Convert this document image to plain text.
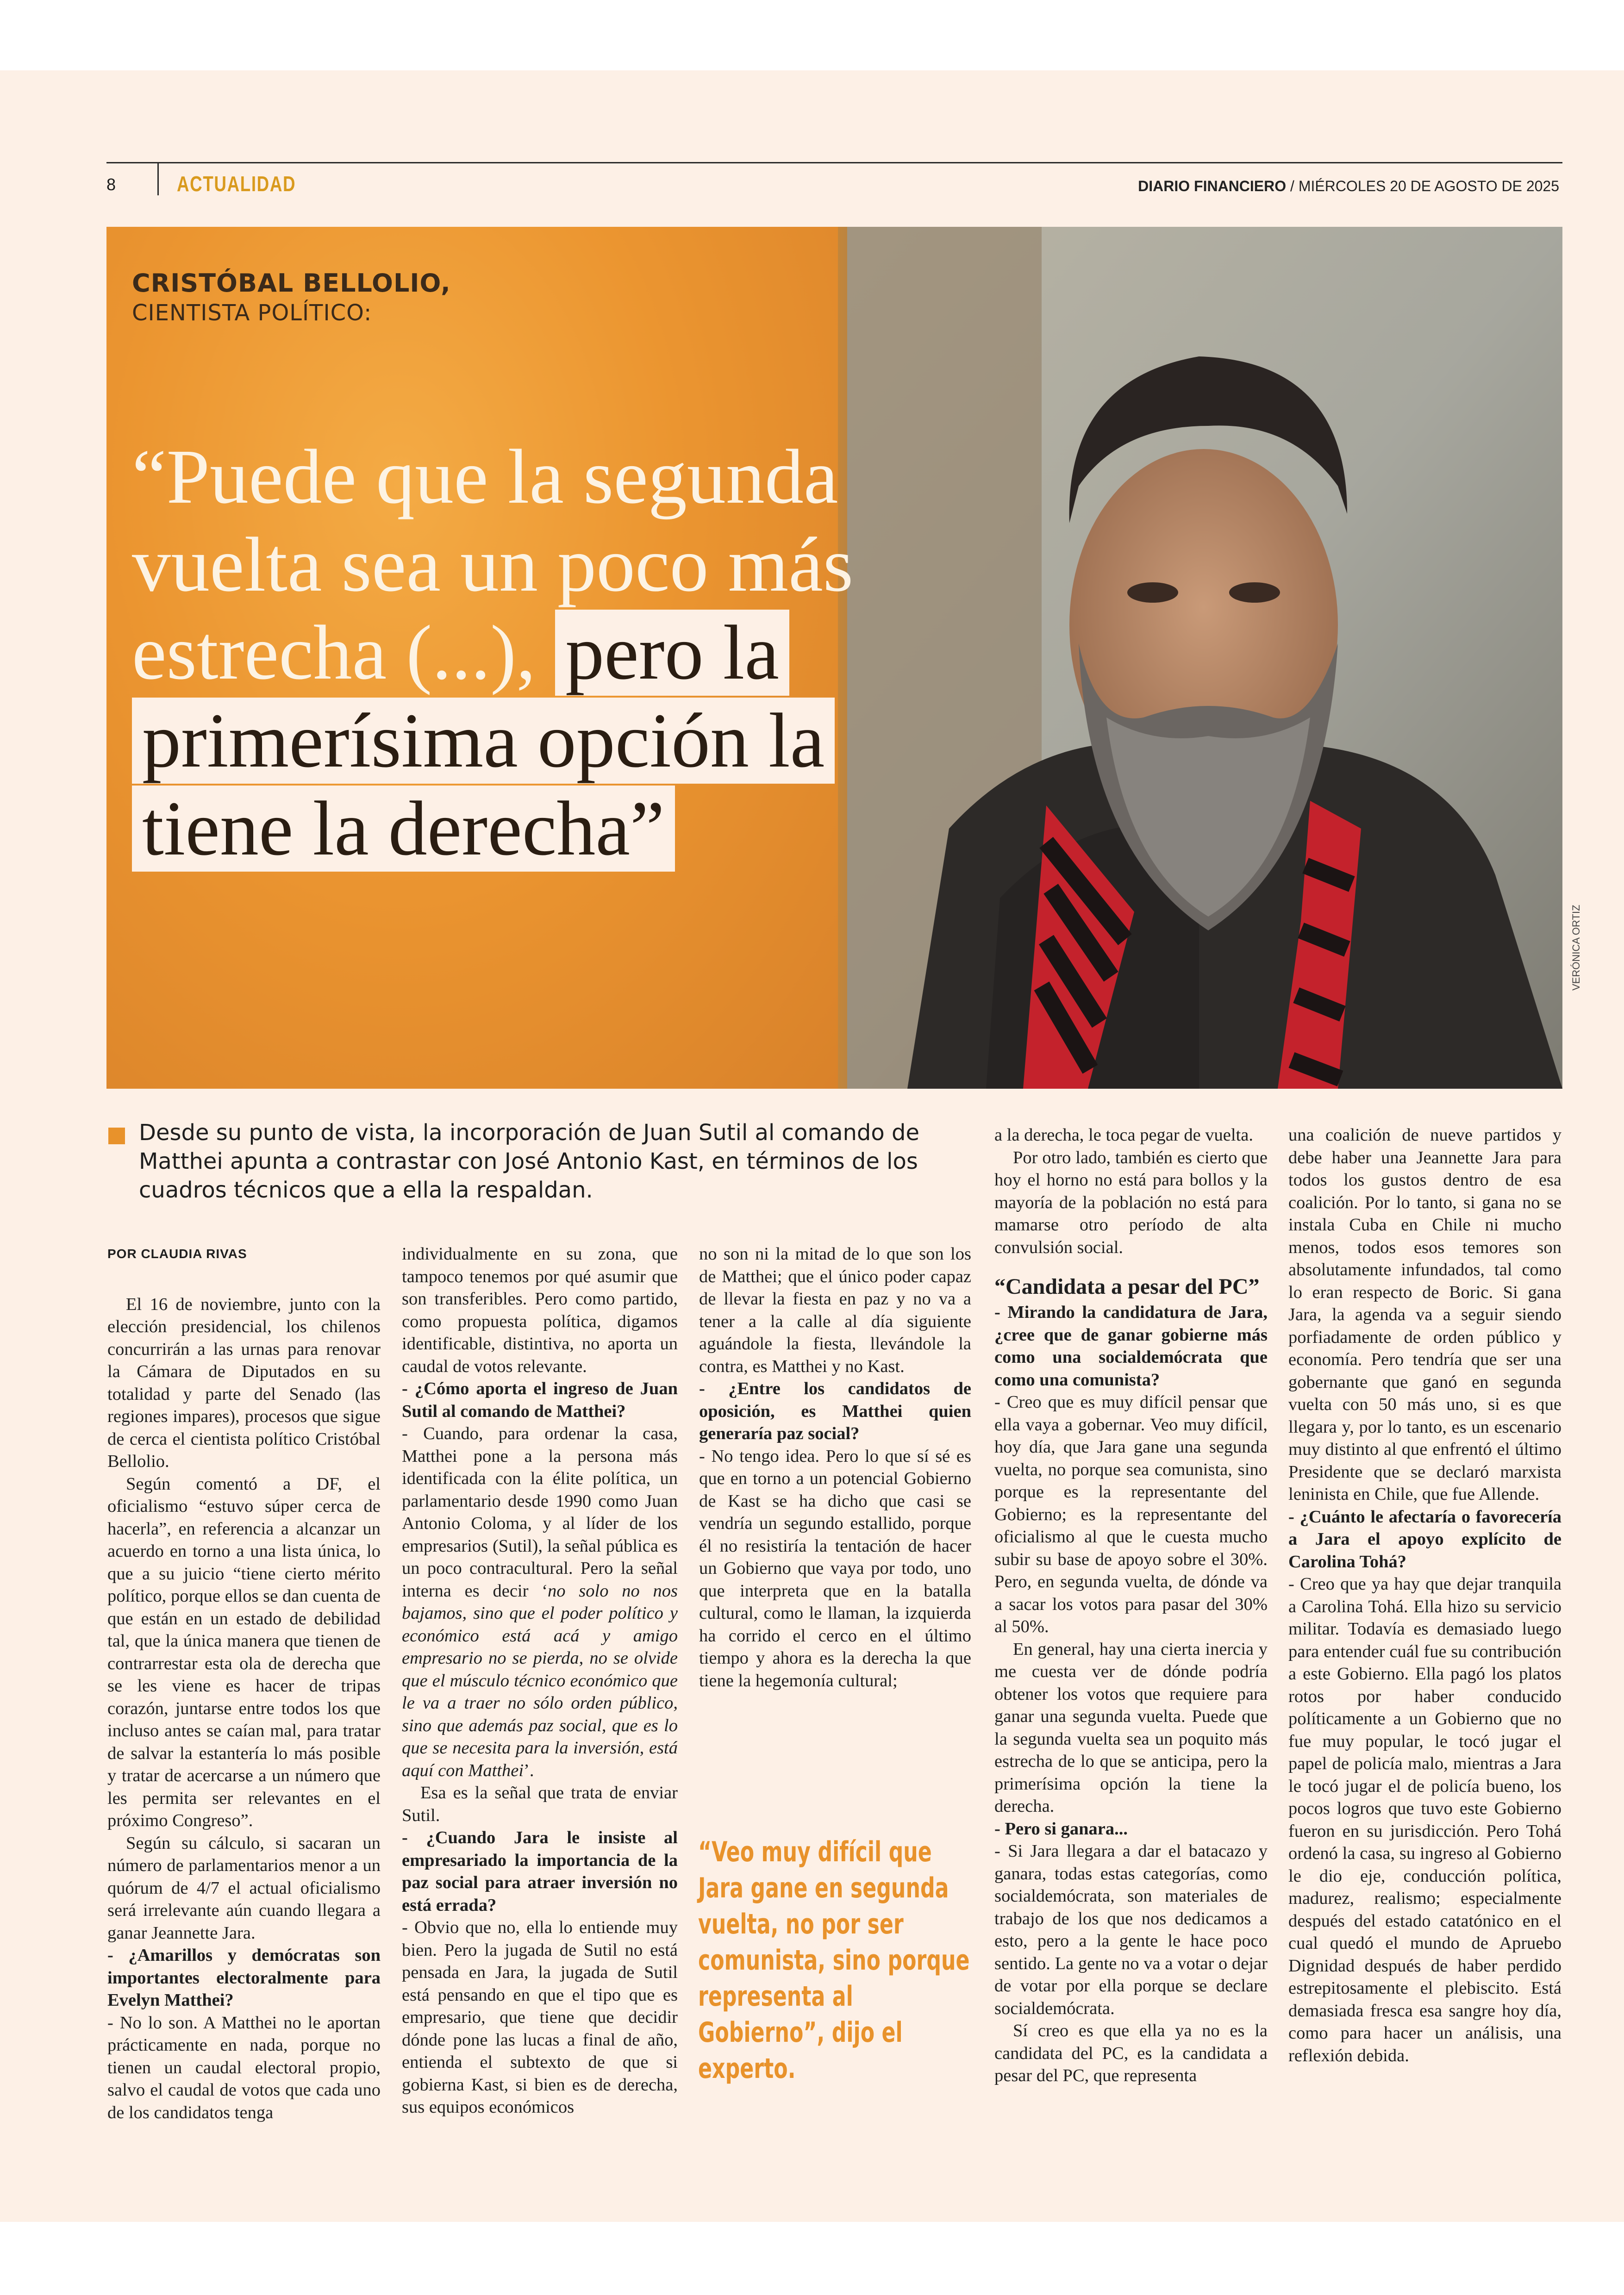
8	ACTUALIDAD	DIARIO FINANCIERO / MIÉRCOLES 20 DE AGOSTO DE 2025
CRISTÓBAL BELLOLIO,
CIENTISTA POLÍTICO:
“Puede que la segunda vuelta sea un poco más estrecha (...), pero la primerísima opción la tiene la derecha”
VERÓNICA ORTIZ
Desde su punto de vista, la incorporación de Juan Sutil al comando de Matthei apunta a contrastar con José Antonio Kast, en términos de los cuadros técnicos que a ella la respaldan.

POR CLAUDIA RIVAS

El 16 de noviembre, junto con la elección presidencial, los chilenos concurrirán a las urnas para renovar la Cámara de Diputados en su totalidad y parte del Senado (las regiones impares), procesos que sigue de cerca el cientista político Cristóbal Bellolio.

Según comentó a DF, el oficialismo “estuvo súper cerca de hacerla”, en referencia a alcanzar un acuerdo en torno a una lista única, lo que a su juicio “tiene cierto mérito político, porque ellos se dan cuenta de que están en un estado de debilidad tal, que la única manera que tienen de contrarrestar esta ola de derecha que se les viene es hacer de tripas corazón, juntarse entre todos los que incluso antes se caían mal, para tratar de salvar la estantería lo más posible y tratar de acercarse a un número que les permita ser relevantes en el próximo Congreso”.

Según su cálculo, si sacaran un número de parlamentarios menor a un quórum de 4/7 el actual oficialismo será irrelevante aún cuando llegara a ganar Jeannette Jara.

- ¿Amarillos y demócratas son importantes electoralmente para Evelyn Matthei?

- No lo son. A Matthei no le aportan prácticamente en nada, porque no tienen un caudal electoral propio, salvo el caudal de votos que cada uno de los candidatos tenga

individualmente en su zona, que tampoco tenemos por qué asumir que son transferibles. Pero como partido, como propuesta política, digamos identificable, distintiva, no aporta un caudal de votos relevante.

- ¿Cómo aporta el ingreso de Juan Sutil al comando de Matthei?

- Cuando, para ordenar la casa, Matthei pone a la persona más identificada con la élite política, un parlamentario desde 1990 como Juan Antonio Coloma, y al líder de los empresarios (Sutil), la señal pública es un poco contracultural. Pero la señal interna es decir ‘no solo no nos bajamos, sino que el poder político y económico está acá y amigo empresario no se pierda, no se olvide que el músculo técnico económico que le va a traer no sólo orden público, sino que además paz social, que es lo que se necesita para la inversión, está aquí con Matthei’.

Esa es la señal que trata de enviar Sutil.

- ¿Cuando Jara le insiste al empresariado la importancia de la paz social para atraer inversión no está errada?

- Obvio que no, ella lo entiende muy bien. Pero la jugada de Sutil no está pensada en Jara, la jugada de Sutil está pensando en que el tipo que es empresario, que tiene que decidir dónde pone las lucas a final de año, entienda el subtexto de que si gobierna Kast, si bien es de derecha, sus equipos económicos

no son ni la mitad de lo que son los de Matthei; que el único poder capaz de llevar la fiesta en paz y no va a tener a la calle al día siguiente aguándole la fiesta, llevándole la contra, es Matthei y no Kast.

- ¿Entre los candidatos de oposición, es Matthei quien generaría paz social?

- No tengo idea. Pero lo que sí sé es que en torno a un potencial Gobierno de Kast se ha dicho que casi se vendría un segundo estallido, porque él no resistiría la tentación de hacer un Gobierno que vaya por todo, uno que interpreta que en la batalla cultural, como le llaman, la izquierda ha corrido el cerco en el último tiempo y ahora es la derecha la que tiene la hegemonía cultural;

“Veo muy difícil que Jara gane en segunda vuelta, no por ser comunista, sino porque representa al Gobierno”, dijo el experto.

a la derecha, le toca pegar de vuelta.

Por otro lado, también es cierto que hoy el horno no está para bollos y la mayoría de la población no está para mamarse otro período de alta convulsión social.

“Candidata a pesar del PC”

- Mirando la candidatura de Jara, ¿cree que de ganar gobierne más como una socialdemócrata que como una comunista?

- Creo que es muy difícil pensar que ella vaya a gobernar. Veo muy difícil, hoy día, que Jara gane una segunda vuelta, no porque sea comunista, sino porque es la representante del Gobierno; es la representante del oficialismo al que le cuesta mucho subir su base de apoyo sobre el 30%. Pero, en segunda vuelta, de dónde va a sacar los votos para pasar del 30% al 50%.

En general, hay una cierta inercia y me cuesta ver de dónde podría obtener los votos que requiere para ganar una segunda vuelta. Puede que la segunda vuelta sea un poquito más estrecha de lo que se anticipa, pero la primerísima opción la tiene la derecha.

- Pero si ganara...

- Si Jara llegara a dar el batacazo y ganara, todas estas categorías, como socialdemócrata, son materiales de trabajo de los que nos dedicamos a esto, pero a la gente le hace poco sentido. La gente no va a votar o dejar de votar por ella porque se declare socialdemócrata.

Sí creo es que ella ya no es la candidata del PC, es la candidata a pesar del PC, que representa

una coalición de nueve partidos y debe haber una Jeannette Jara para todos los gustos dentro de esa coalición. Por lo tanto, si gana no se instala Cuba en Chile ni mucho menos, todos esos temores son absolutamente infundados, tal como lo eran respecto de Boric. Si gana Jara, la agenda va a seguir siendo porfiadamente de orden público y economía. Pero tendría que ser una gobernante que ganó en segunda vuelta con 50 más uno, si es que llegara y, por lo tanto, es un escenario muy distinto al que enfrentó el último Presidente que se declaró marxista leninista en Chile, que fue Allende.

- ¿Cuánto le afectaría o favorecería a Jara el apoyo explícito de Carolina Tohá?

- Creo que ya hay que dejar tranquila a Carolina Tohá. Ella hizo su servicio militar. Todavía es demasiado luego para entender cuál fue su contribución a este Gobierno. Ella pagó los platos rotos por haber conducido políticamente a un Gobierno que no fue muy popular, le tocó jugar el papel de policía malo, mientras a Jara le tocó jugar el de policía bueno, los pocos logros que tuvo este Gobierno fueron en su jurisdicción. Pero Tohá ordenó la casa, su ingreso al Gobierno le dio eje, conducción política, madurez, realismo; especialmente después del estado catatónico en el cual quedó el mundo de Apruebo Dignidad después de haber perdido estrepitosamente el plebiscito. Está demasiada fresca esa sangre hoy día, como para hacer un análisis, una reflexión debida.
